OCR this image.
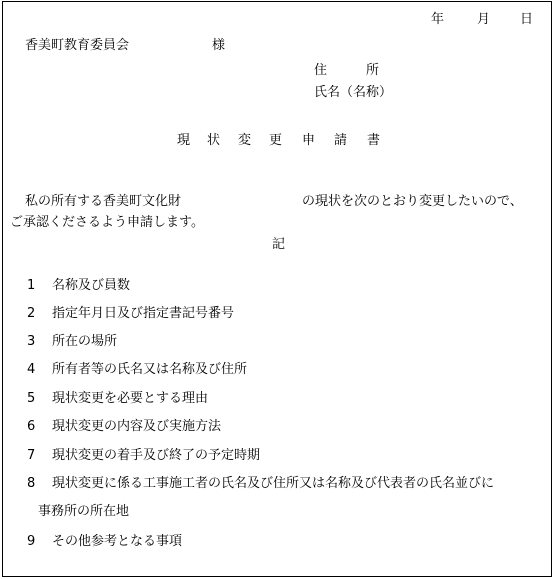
年	月 日
香美町教育委員会	様
住　　　所
氏名（名称）
現 状 変 更 申 請 書
私の所有する香美町文化財	の現状を次のとおり変更したいので、
ご承認くださるよう申請します。
記
1 名称及び員数
2 指定年月日及び指定書記号番号
3 所在の場所
4 所有者等の氏名又は名称及び住所
5 現状変更を必要とする理由
6 現状変更の内容及び実施方法
7 現状変更の着手及び終了の予定時期
8 現状変更に係る工事施工者の氏名及び住所又は名称及び代表者の氏名並びに
事務所の所在地
9 その他参考となる事項
